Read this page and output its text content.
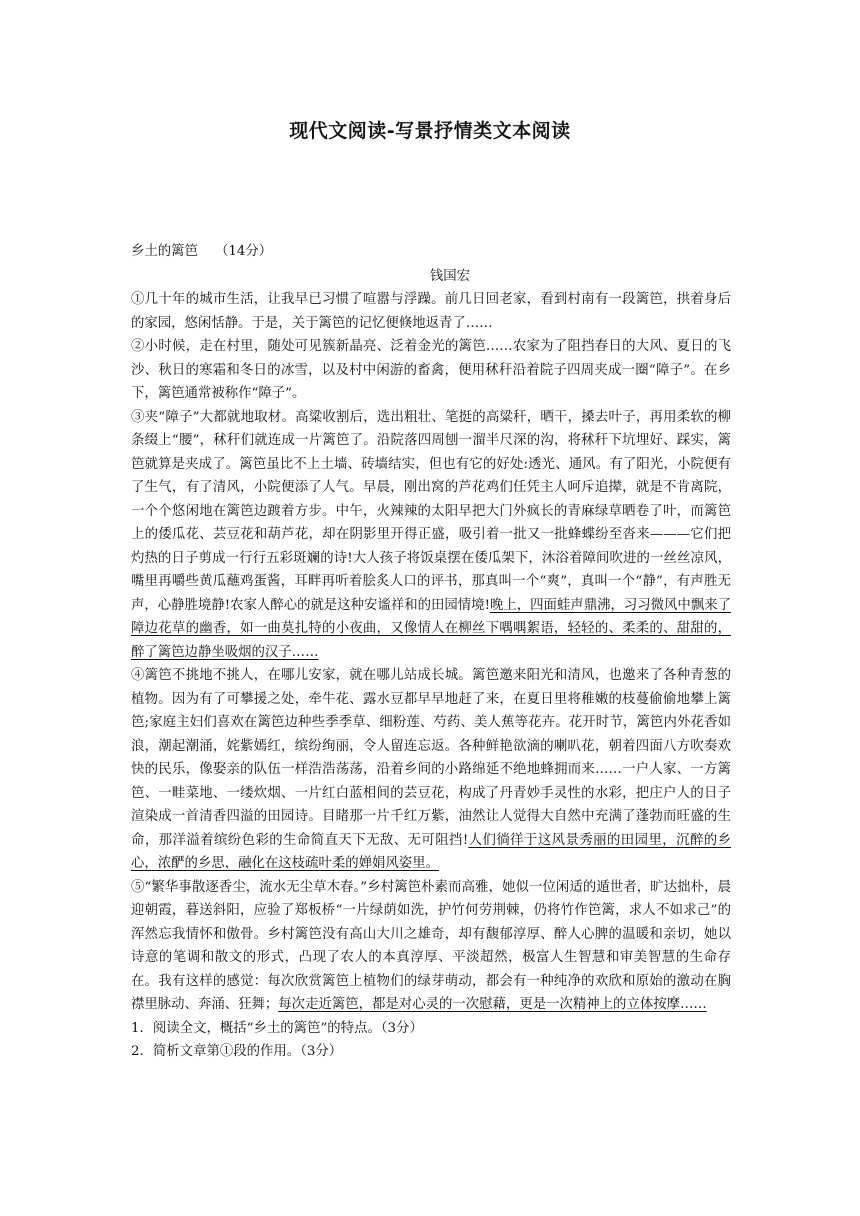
现代文阅读-写景抒情类文本阅读

乡土的篱笆 （14分）

钱国宏

①几十年的城市生活，让我早已习惯了喧嚣与浮躁。前几日回老家，看到村南有一段篱笆，拱着身后的家园，悠闲恬静。于是，关于篱笆的记忆便倏地返青了……

②小时候，走在村里，随处可见簇新晶亮、泛着金光的篱笆……农家为了阻挡春日的大风、夏日的飞沙、秋日的寒霜和冬日的冰雪，以及村中闲游的畜禽，便用秫秆沿着院子四周夹成一圈“障子”。在乡下，篱笆通常被称作“障子”。

③夹“障子”大都就地取材。高粱收割后，选出粗壮、笔挺的高粱秆，晒干，搡去叶子，再用柔软的柳条缀上“腰”，秫秆们就连成一片篱笆了。沿院落四周刨一溜半尺深的沟，将秫秆下坑埋好、踩实，篱笆就算是夹成了。篱笆虽比不上土墙、砖墙结实，但也有它的好处:透光、通风。有了阳光，小院便有了生气，有了清风，小院便添了人气。早晨，刚出窝的芦花鸡们任凭主人呵斥追撵，就是不肯离院，一个个悠闲地在篱笆边踱着方步。中午，火辣辣的太阳早把大门外疯长的青麻绿草晒卷了叶，而篱笆上的倭瓜花、芸豆花和葫芦花，却在阴影里开得正盛，吸引着一批又一批蜂蝶纷至沓来———它们把灼热的日子剪成一行行五彩斑斓的诗!大人孩子将饭桌摆在倭瓜架下，沐浴着障间吹进的一丝丝凉风，嘴里再嚼些黄瓜蘸鸡蛋酱，耳畔再听着脍炙人口的评书，那真叫一个“爽”，真叫一个“静”，有声胜无声，心静胜境静!农家人醉心的就是这种安谧祥和的田园情境!晚上，四面蛙声鼎沸，习习微风中飘来了障边花草的幽香，如一曲莫扎特的小夜曲，又像情人在柳丝下喁喁絮语，轻轻的、柔柔的、甜甜的，醉了篱笆边静坐吸烟的汉子……

④篱笆不挑地不挑人，在哪儿安家，就在哪儿站成长城。篱笆邀来阳光和清风，也邀来了各种青葱的植物。因为有了可攀援之处，牵牛花、露水豆都早早地赶了来，在夏日里将稚嫩的枝蔓偷偷地攀上篱笆;家庭主妇们喜欢在篱笆边种些季季草、细粉莲、芍药、美人蕉等花卉。花开时节，篱笆内外花香如浪，潮起潮涌，姹紫嫣红，缤纷绚丽，令人留连忘返。各种鲜艳欲滴的喇叭花，朝着四面八方吹奏欢快的民乐，像娶亲的队伍一样浩浩荡荡，沿着乡间的小路绵延不绝地蜂拥而来……一户人家、一方篱笆、一畦菜地、一缕炊烟、一片红白蓝相间的芸豆花，构成了丹青妙手灵性的水彩，把庄户人的日子渲染成一首清香四溢的田园诗。目睹那一片千红万紫，油然让人觉得大自然中充满了蓬勃而旺盛的生命，那洋溢着缤纷色彩的生命简直天下无敌、无可阻挡!人们徜徉于这风景秀丽的田园里，沉醉的乡心，浓酽的乡思，融化在这枝疏叶柔的婵娟风姿里。

⑤“繁华事散逐香尘，流水无尘草木春。”乡村篱笆朴素而高雅，她似一位闲适的遁世者，旷达拙朴，晨迎朝霞，暮送斜阳，应验了郑板桥“一片绿荫如洗，护竹何劳荆棘，仍将竹作笆篱，求人不如求己”的浑然忘我情怀和傲骨。乡村篱笆没有高山大川之雄奇，却有馥郁淳厚、醉人心脾的温暖和亲切，她以诗意的笔调和散文的形式，凸现了农人的本真淳厚、平淡超然，极富人生智慧和审美智慧的生命存在。我有这样的感觉：每次欣赏篱笆上植物们的绿芽萌动，都会有一种纯净的欢欣和原始的激动在胸襟里脉动、奔涌、狂舞；每次走近篱笆，都是对心灵的一次慰藉，更是一次精神上的立体按摩……

1．阅读全文，概括“乡土的篱笆”的特点。（3分）

2．简析文章第①段的作用。（3分）
